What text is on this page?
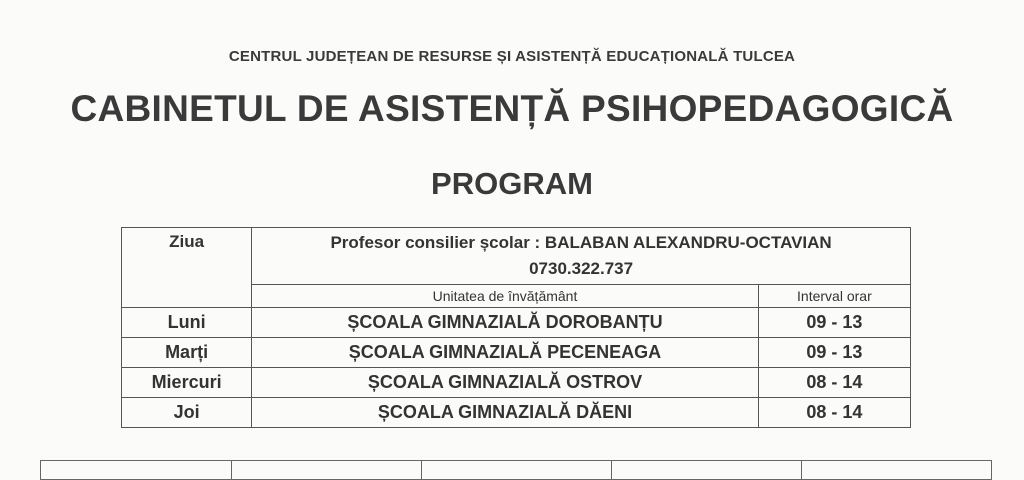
CENTRUL JUDEȚEAN DE RESURSE ȘI ASISTENȚĂ EDUCAȚIONALĂ TULCEA
CABINETUL DE ASISTENȚĂ PSIHOPEDAGOGICĂ
PROGRAM
Ziua	Profesor consilier școlar : BALABAN ALEXANDRU-OCTAVIAN
0730.322.737	
	Unitatea de învățământ	Interval orar
Luni	ȘCOALA GIMNAZIALĂ DOROBANȚU	09 - 13
Marți	ȘCOALA GIMNAZIALĂ PECENEAGA	09 - 13
Miercuri	ȘCOALA GIMNAZIALĂ OSTROV	08 - 14
Joi	ȘCOALA GIMNAZIALĂ DĂENI	08 - 14
